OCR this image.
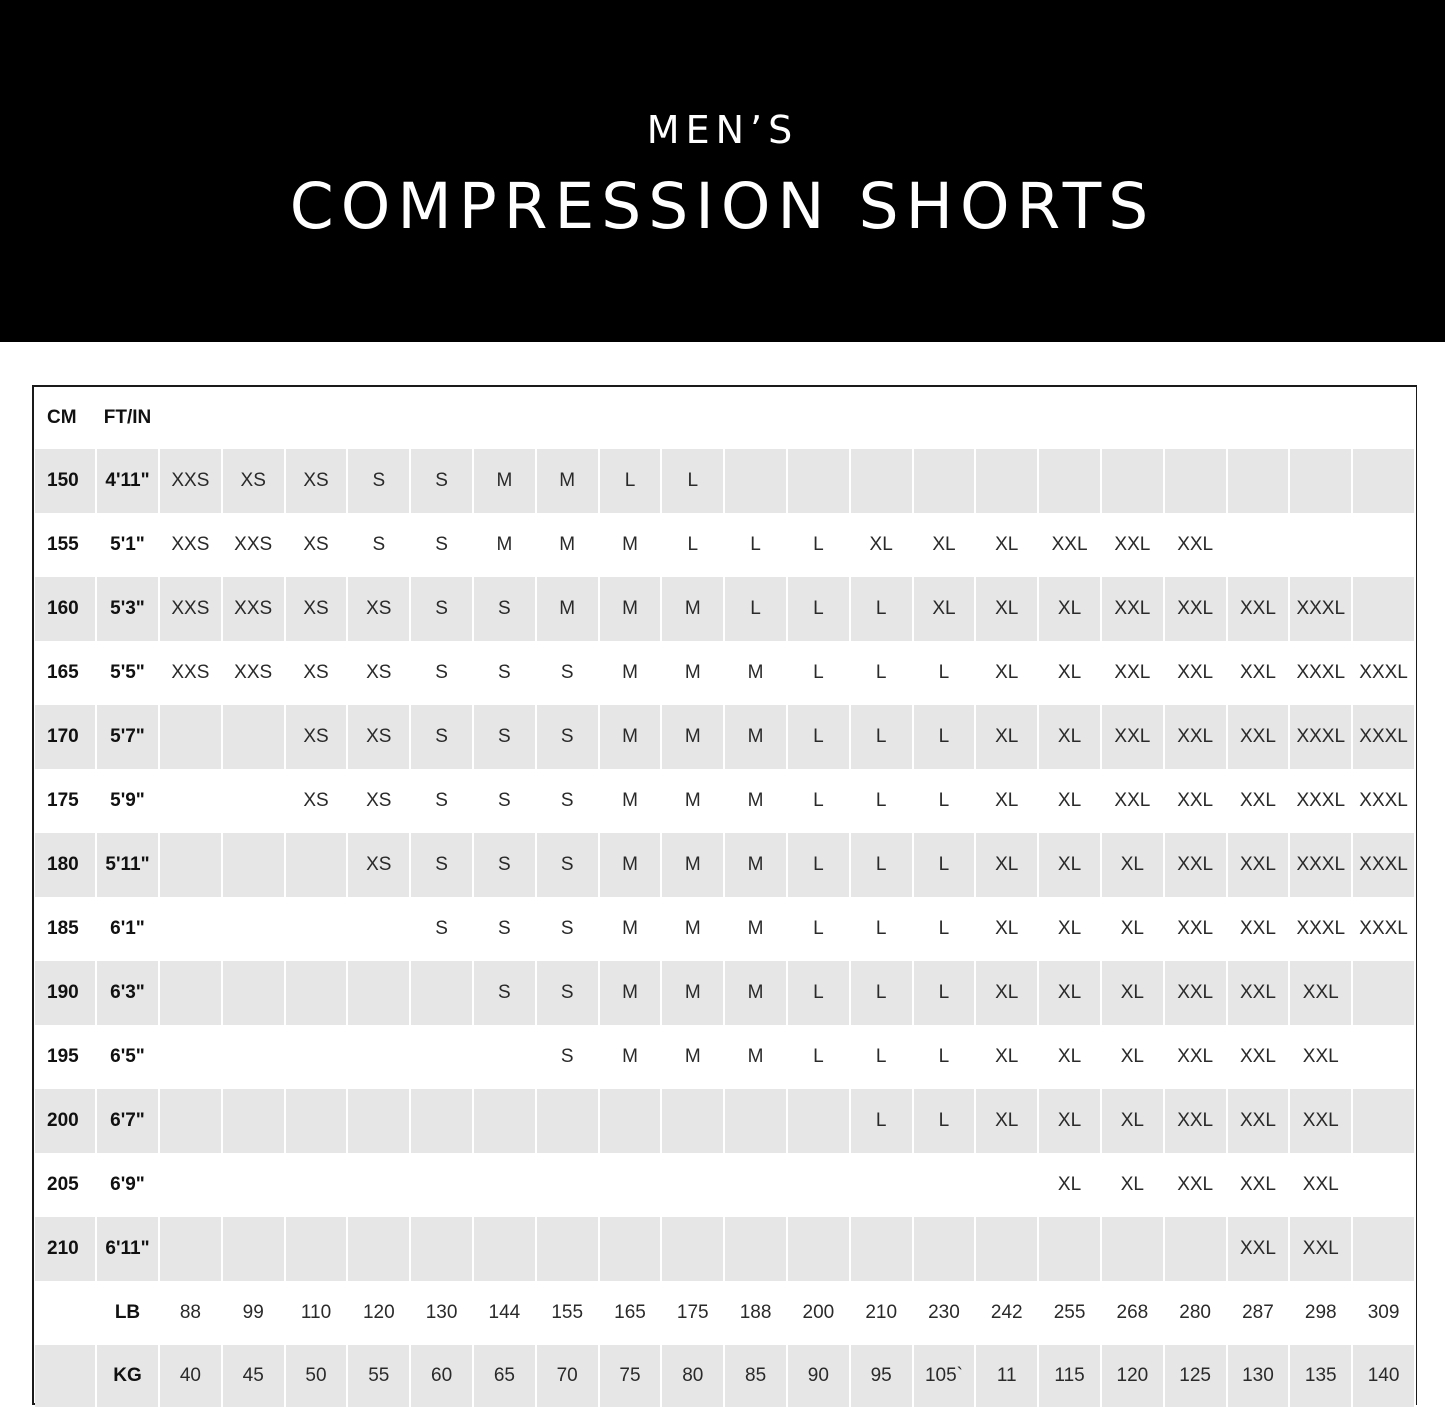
MEN’S
COMPRESSION SHORTS
CM	FT/IN																				
150	4'11"	XXS	XS	XS	S	S	M	M	L	L											
155	5'1"	XXS	XXS	XS	S	S	M	M	M	L	L	L	XL	XL	XL	XXL	XXL	XXL			
160	5'3"	XXS	XXS	XS	XS	S	S	M	M	M	L	L	L	XL	XL	XL	XXL	XXL	XXL	XXXL	
165	5'5"	XXS	XXS	XS	XS	S	S	S	M	M	M	L	L	L	XL	XL	XXL	XXL	XXL	XXXL	XXXL
170	5'7"			XS	XS	S	S	S	M	M	M	L	L	L	XL	XL	XXL	XXL	XXL	XXXL	XXXL
175	5'9"			XS	XS	S	S	S	M	M	M	L	L	L	XL	XL	XXL	XXL	XXL	XXXL	XXXL
180	5'11"				XS	S	S	S	M	M	M	L	L	L	XL	XL	XL	XXL	XXL	XXXL	XXXL
185	6'1"					S	S	S	M	M	M	L	L	L	XL	XL	XL	XXL	XXL	XXXL	XXXL
190	6'3"						S	S	M	M	M	L	L	L	XL	XL	XL	XXL	XXL	XXL	
195	6'5"							S	M	M	M	L	L	L	XL	XL	XL	XXL	XXL	XXL	
200	6'7"												L	L	XL	XL	XL	XXL	XXL	XXL	
205	6'9"															XL	XL	XXL	XXL	XXL	
210	6'11"																		XXL	XXL	
	LB	88	99	110	120	130	144	155	165	175	188	200	210	230	242	255	268	280	287	298	309
	KG	40	45	50	55	60	65	70	75	80	85	90	95	105`	11	115	120	125	130	135	140
